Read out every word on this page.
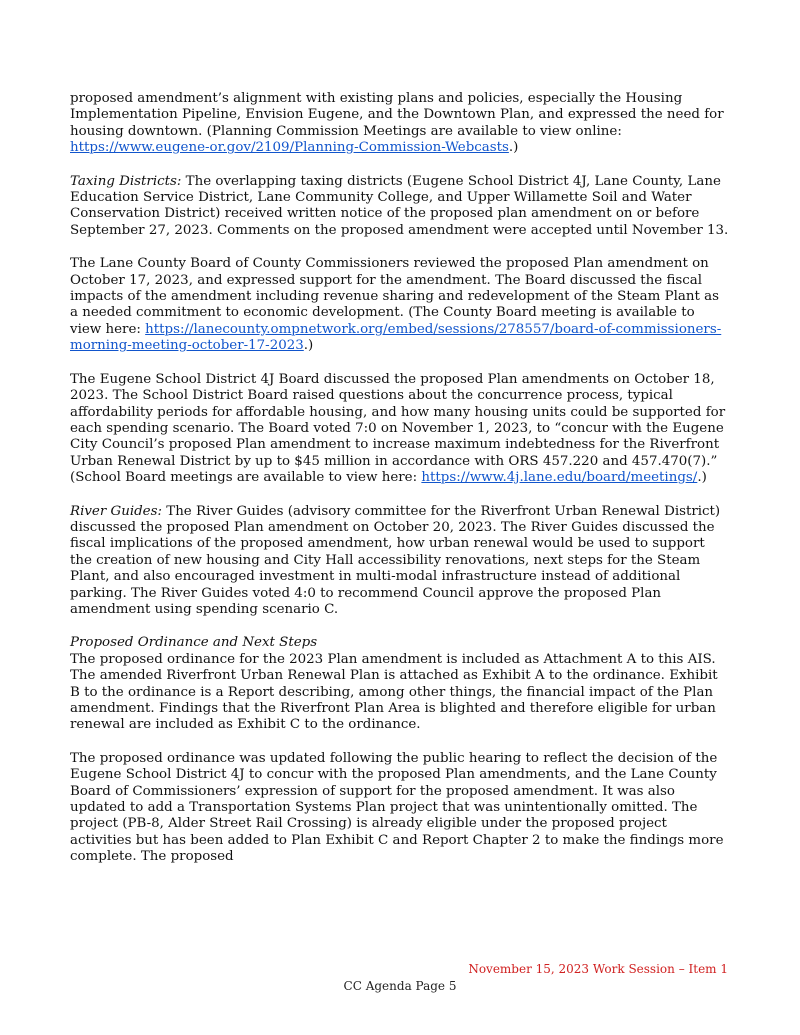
proposed amendment’s alignment with existing plans and policies, especially the Housing Implementation Pipeline, Envision Eugene, and the Downtown Plan, and expressed the need for housing downtown. (Planning Commission Meetings are available to view online: https://www.eugene-or.gov/2109/Planning-Commission-Webcasts.)

Taxing Districts: The overlapping taxing districts (Eugene School District 4J, Lane County, Lane Education Service District, Lane Community College, and Upper Willamette Soil and Water Conservation District) received written notice of the proposed plan amendment on or before September 27, 2023. Comments on the proposed amendment were accepted until November 13.

The Lane County Board of County Commissioners reviewed the proposed Plan amendment on October 17, 2023, and expressed support for the amendment. The Board discussed the fiscal impacts of the amendment including revenue sharing and redevelopment of the Steam Plant as a needed commitment to economic development. (The County Board meeting is available to view here: https://lanecounty.ompnetwork.org/embed/sessions/278557/board-of-commissioners-morning-meeting-october-17-2023.)

The Eugene School District 4J Board discussed the proposed Plan amendments on October 18, 2023. The School District Board raised questions about the concurrence process, typical affordability periods for affordable housing, and how many housing units could be supported for each spending scenario. The Board voted 7:0 on November 1, 2023, to “concur with the Eugene City Council’s proposed Plan amendment to increase maximum indebtedness for the Riverfront Urban Renewal District by up to $45 million in accordance with ORS 457.220 and 457.470(7).” (School Board meetings are available to view here: https://www.4j.lane.edu/board/meetings/.)

River Guides: The River Guides (advisory committee for the Riverfront Urban Renewal District) discussed the proposed Plan amendment on October 20, 2023. The River Guides discussed the fiscal implications of the proposed amendment, how urban renewal would be used to support the creation of new housing and City Hall accessibility renovations, next steps for the Steam Plant, and also encouraged investment in multi-modal infrastructure instead of additional parking. The River Guides voted 4:0 to recommend Council approve the proposed Plan amendment using spending scenario C.

Proposed Ordinance and Next Steps

The proposed ordinance for the 2023 Plan amendment is included as Attachment A to this AIS. The amended Riverfront Urban Renewal Plan is attached as Exhibit A to the ordinance. Exhibit B to the ordinance is a Report describing, among other things, the financial impact of the Plan amendment. Findings that the Riverfront Plan Area is blighted and therefore eligible for urban renewal are included as Exhibit C to the ordinance.

The proposed ordinance was updated following the public hearing to reflect the decision of the Eugene School District 4J to concur with the proposed Plan amendments, and the Lane County Board of Commissioners’ expression of support for the proposed amendment. It was also updated to add a Transportation Systems Plan project that was unintentionally omitted. The project (PB-8, Alder Street Rail Crossing) is already eligible under the proposed project activities but has been added to Plan Exhibit C and Report Chapter 2 to make the findings more complete. The proposed

November 15, 2023 Work Session – Item 1
CC Agenda Page 5
